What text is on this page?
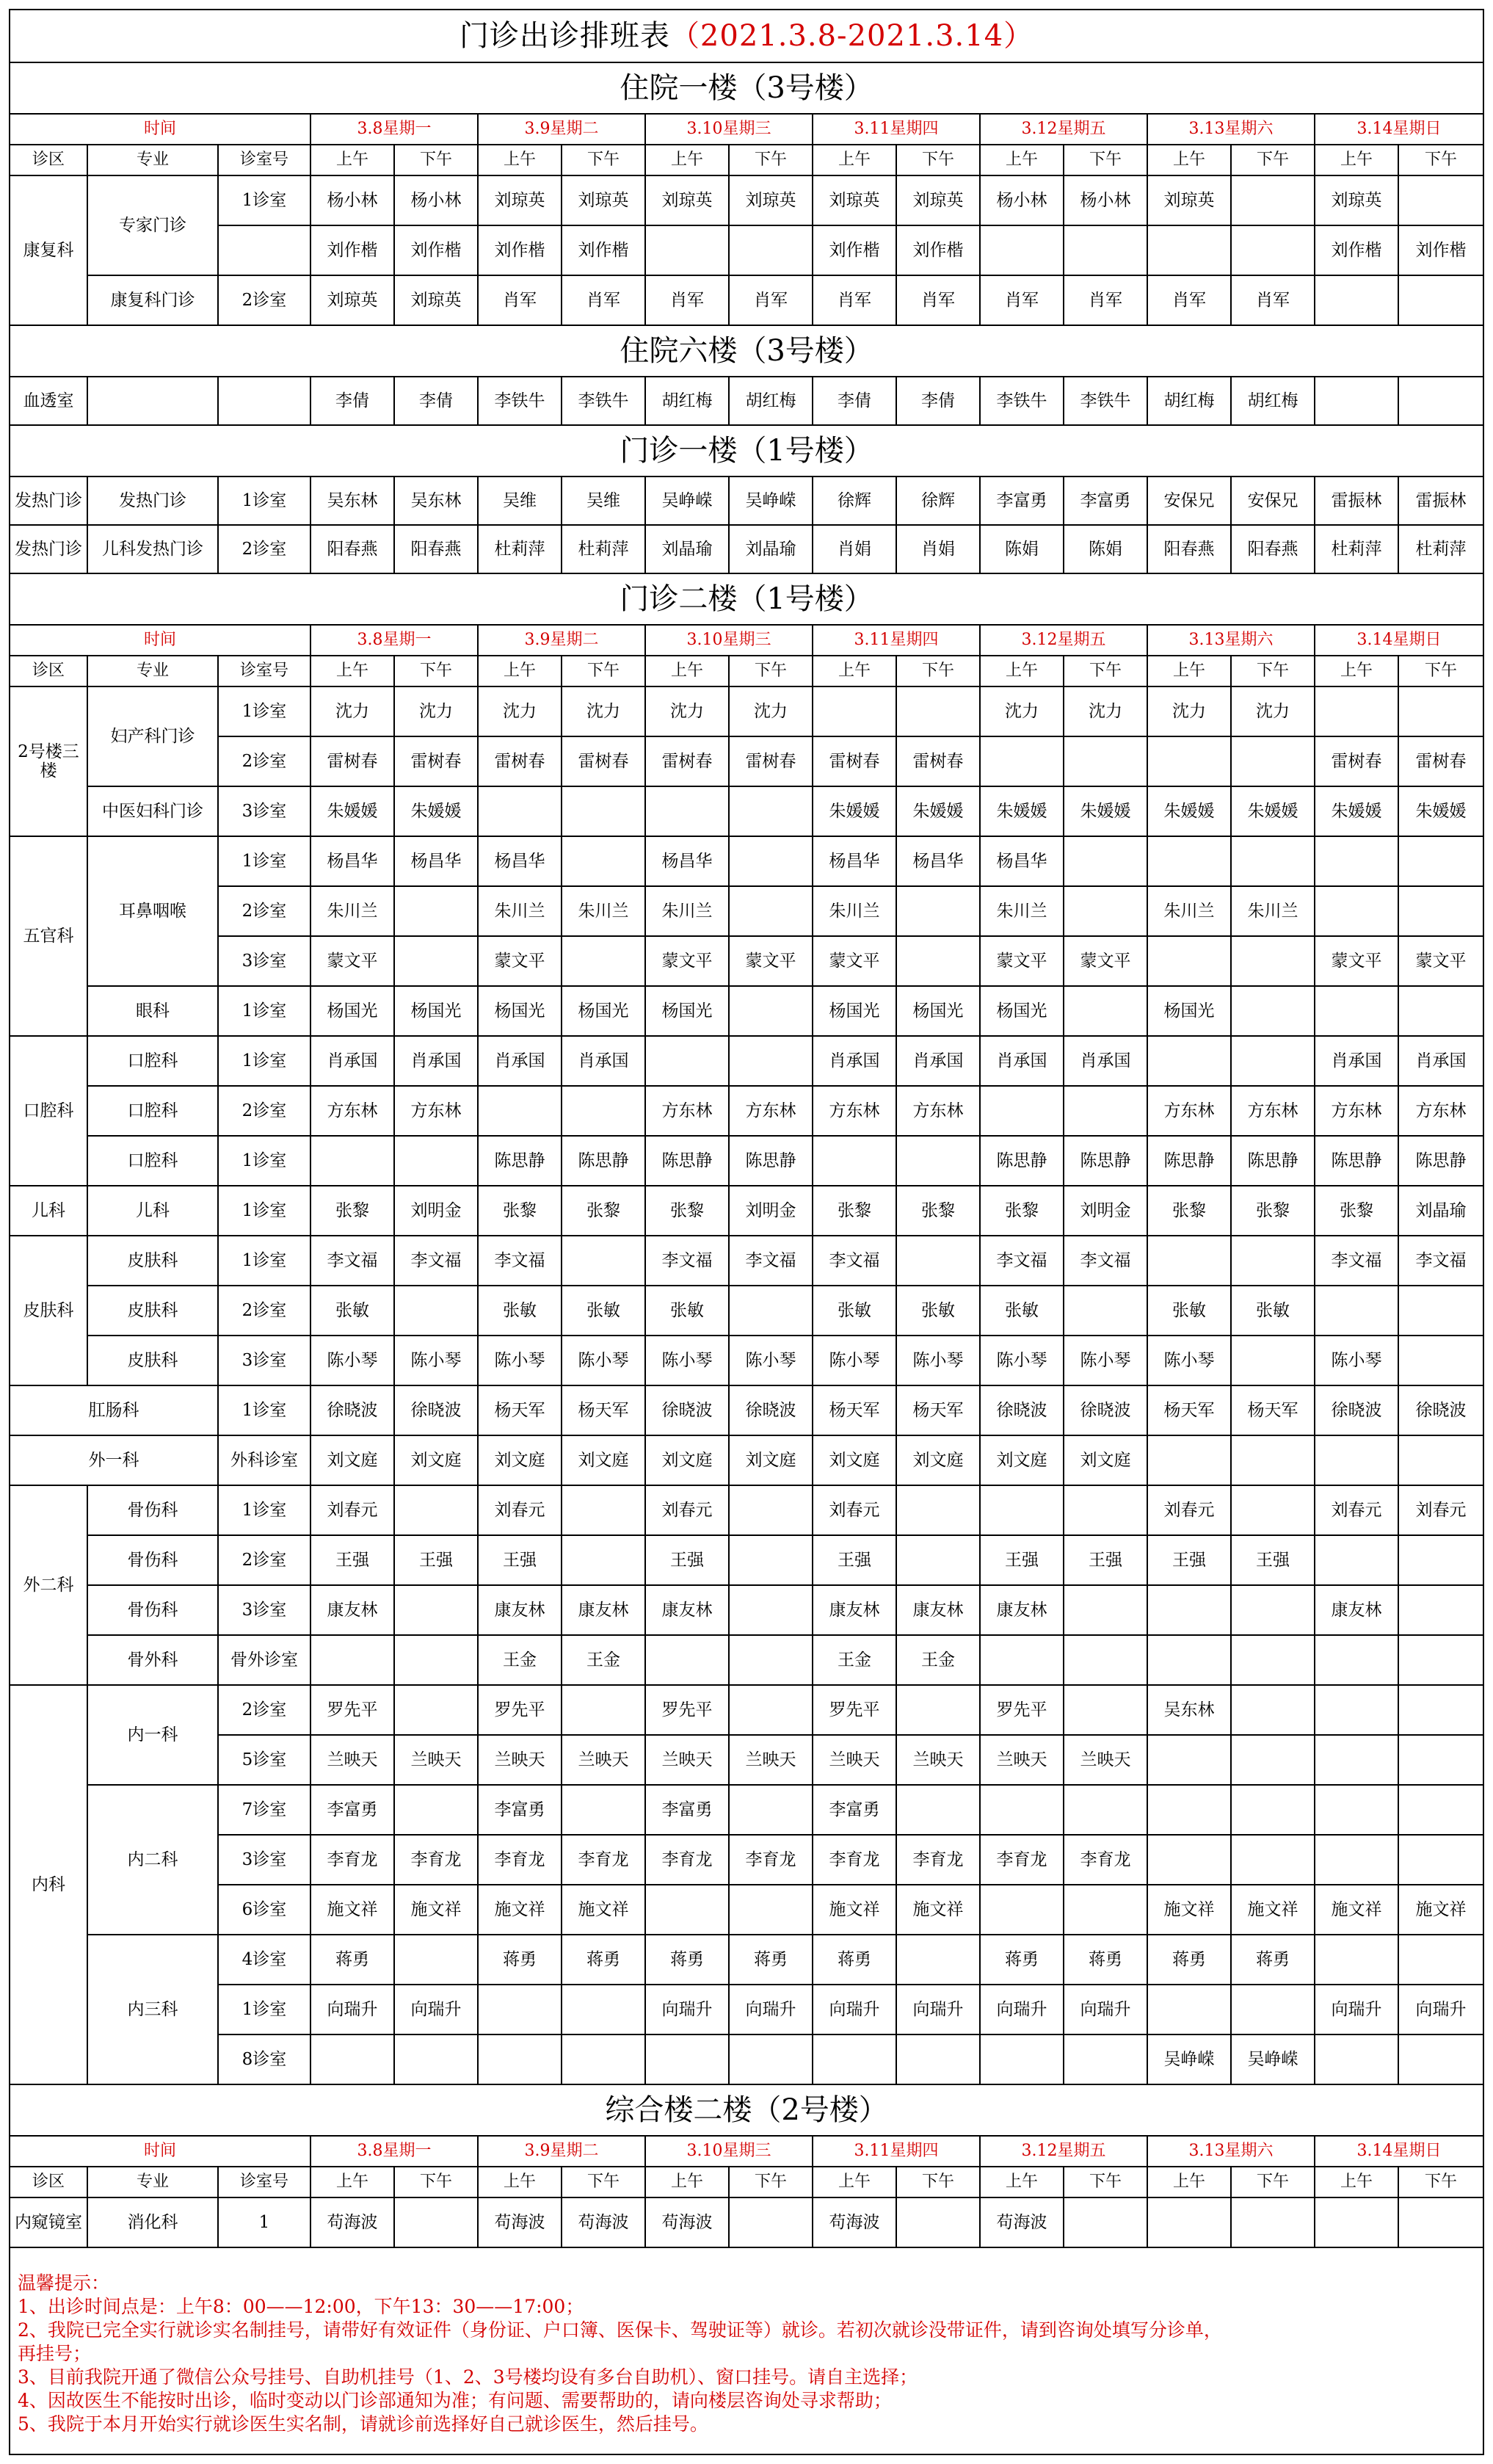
门诊出诊排班表（2021.3.8-2021.3.14）																
住院一楼（3号楼）																
时间			3.8星期一		3.9星期二		3.10星期三		3.11星期四		3.12星期五		3.13星期六		3.14星期日	
诊区	专业	诊室号	上午	下午	上午	下午	上午	下午	上午	下午	上午	下午	上午	下午	上午	下午
康复科	专家门诊	1诊室	杨小林	杨小林	刘琼英	刘琼英	刘琼英	刘琼英	刘琼英	刘琼英	杨小林	杨小林	刘琼英		刘琼英	
			刘作楷	刘作楷	刘作楷	刘作楷			刘作楷	刘作楷					刘作楷	刘作楷
	康复科门诊	2诊室	刘琼英	刘琼英	肖军	肖军	肖军	肖军	肖军	肖军	肖军	肖军	肖军	肖军		
住院六楼（3号楼）																
血透室			李倩	李倩	李铁牛	李铁牛	胡红梅	胡红梅	李倩	李倩	李铁牛	李铁牛	胡红梅	胡红梅		
门诊一楼（1号楼）																
发热门诊	发热门诊	1诊室	吴东林	吴东林	吴维	吴维	吴峥嵘	吴峥嵘	徐辉	徐辉	李富勇	李富勇	安保兄	安保兄	雷振林	雷振林
发热门诊	儿科发热门诊	2诊室	阳春燕	阳春燕	杜莉萍	杜莉萍	刘晶瑜	刘晶瑜	肖娟	肖娟	陈娟	陈娟	阳春燕	阳春燕	杜莉萍	杜莉萍
门诊二楼（1号楼）																
时间			3.8星期一		3.9星期二		3.10星期三		3.11星期四		3.12星期五		3.13星期六		3.14星期日	
诊区	专业	诊室号	上午	下午	上午	下午	上午	下午	上午	下午	上午	下午	上午	下午	上午	下午
2号楼三楼	妇产科门诊	1诊室	沈力	沈力	沈力	沈力	沈力	沈力			沈力	沈力	沈力	沈力		
		2诊室	雷树春	雷树春	雷树春	雷树春	雷树春	雷树春	雷树春	雷树春					雷树春	雷树春
	中医妇科门诊	3诊室	朱媛媛	朱媛媛					朱媛媛	朱媛媛	朱媛媛	朱媛媛	朱媛媛	朱媛媛	朱媛媛	朱媛媛
五官科	耳鼻咽喉	1诊室	杨昌华	杨昌华	杨昌华		杨昌华		杨昌华	杨昌华	杨昌华					
		2诊室	朱川兰		朱川兰	朱川兰	朱川兰		朱川兰		朱川兰		朱川兰	朱川兰		
		3诊室	蒙文平		蒙文平		蒙文平	蒙文平	蒙文平		蒙文平	蒙文平			蒙文平	蒙文平
	眼科	1诊室	杨国光	杨国光	杨国光	杨国光	杨国光		杨国光	杨国光	杨国光		杨国光			
口腔科	口腔科	1诊室	肖承国	肖承国	肖承国	肖承国			肖承国	肖承国	肖承国	肖承国			肖承国	肖承国
	口腔科	2诊室	方东林	方东林			方东林	方东林	方东林	方东林			方东林	方东林	方东林	方东林
	口腔科	1诊室			陈思静	陈思静	陈思静	陈思静			陈思静	陈思静	陈思静	陈思静	陈思静	陈思静
儿科	儿科	1诊室	张黎	刘明金	张黎	张黎	张黎	刘明金	张黎	张黎	张黎	刘明金	张黎	张黎	张黎	刘晶瑜
皮肤科	皮肤科	1诊室	李文福	李文福	李文福		李文福	李文福	李文福		李文福	李文福			李文福	李文福
	皮肤科	2诊室	张敏		张敏	张敏	张敏		张敏	张敏	张敏		张敏	张敏		
	皮肤科	3诊室	陈小琴	陈小琴	陈小琴	陈小琴	陈小琴	陈小琴	陈小琴	陈小琴	陈小琴	陈小琴	陈小琴		陈小琴	
肛肠科		1诊室	徐晓波	徐晓波	杨天军	杨天军	徐晓波	徐晓波	杨天军	杨天军	徐晓波	徐晓波	杨天军	杨天军	徐晓波	徐晓波
外一科		外科诊室	刘文庭	刘文庭	刘文庭	刘文庭	刘文庭	刘文庭	刘文庭	刘文庭	刘文庭	刘文庭				
外二科	骨伤科	1诊室	刘春元		刘春元		刘春元		刘春元				刘春元		刘春元	刘春元
	骨伤科	2诊室	王强	王强	王强		王强		王强		王强	王强	王强	王强		
	骨伤科	3诊室	康友林		康友林	康友林	康友林		康友林	康友林	康友林				康友林	
	骨外科	骨外诊室			王金	王金			王金	王金						
内科	内一科	2诊室	罗先平		罗先平		罗先平		罗先平		罗先平		吴东林			
		5诊室	兰映天	兰映天	兰映天	兰映天	兰映天	兰映天	兰映天	兰映天	兰映天	兰映天				
	内二科	7诊室	李富勇		李富勇		李富勇		李富勇							
		3诊室	李育龙	李育龙	李育龙	李育龙	李育龙	李育龙	李育龙	李育龙	李育龙	李育龙				
		6诊室	施文祥	施文祥	施文祥	施文祥			施文祥	施文祥			施文祥	施文祥	施文祥	施文祥
	内三科	4诊室	蒋勇		蒋勇	蒋勇	蒋勇	蒋勇	蒋勇		蒋勇	蒋勇	蒋勇	蒋勇		
		1诊室	向瑞升	向瑞升			向瑞升	向瑞升	向瑞升	向瑞升	向瑞升	向瑞升			向瑞升	向瑞升
		8诊室											吴峥嵘	吴峥嵘		
综合楼二楼（2号楼）																
时间			3.8星期一		3.9星期二		3.10星期三		3.11星期四		3.12星期五		3.13星期六		3.14星期日	
诊区	专业	诊室号	上午	下午	上午	下午	上午	下午	上午	下午	上午	下午	上午	下午	上午	下午
内窥镜室	消化科	1	苟海波		苟海波	苟海波	苟海波		苟海波		苟海波					
温馨提示：
1、出诊时间点是：上午8：00——12:00，下午13：30——17:00；
2、我院已完全实行就诊实名制挂号，请带好有效证件（身份证、户口簿、医保卡、驾驶证等）就诊。若初次就诊没带证件，请到咨询处填写分诊单，
再挂号；
3、目前我院开通了微信公众号挂号、自助机挂号（1、2、3号楼均设有多台自助机）、窗口挂号。请自主选择；
4、因故医生不能按时出诊，临时变动以门诊部通知为准；有问题、需要帮助的，请向楼层咨询处寻求帮助；
5、我院于本月开始实行就诊医生实名制，请就诊前选择好自己就诊医生，然后挂号。
